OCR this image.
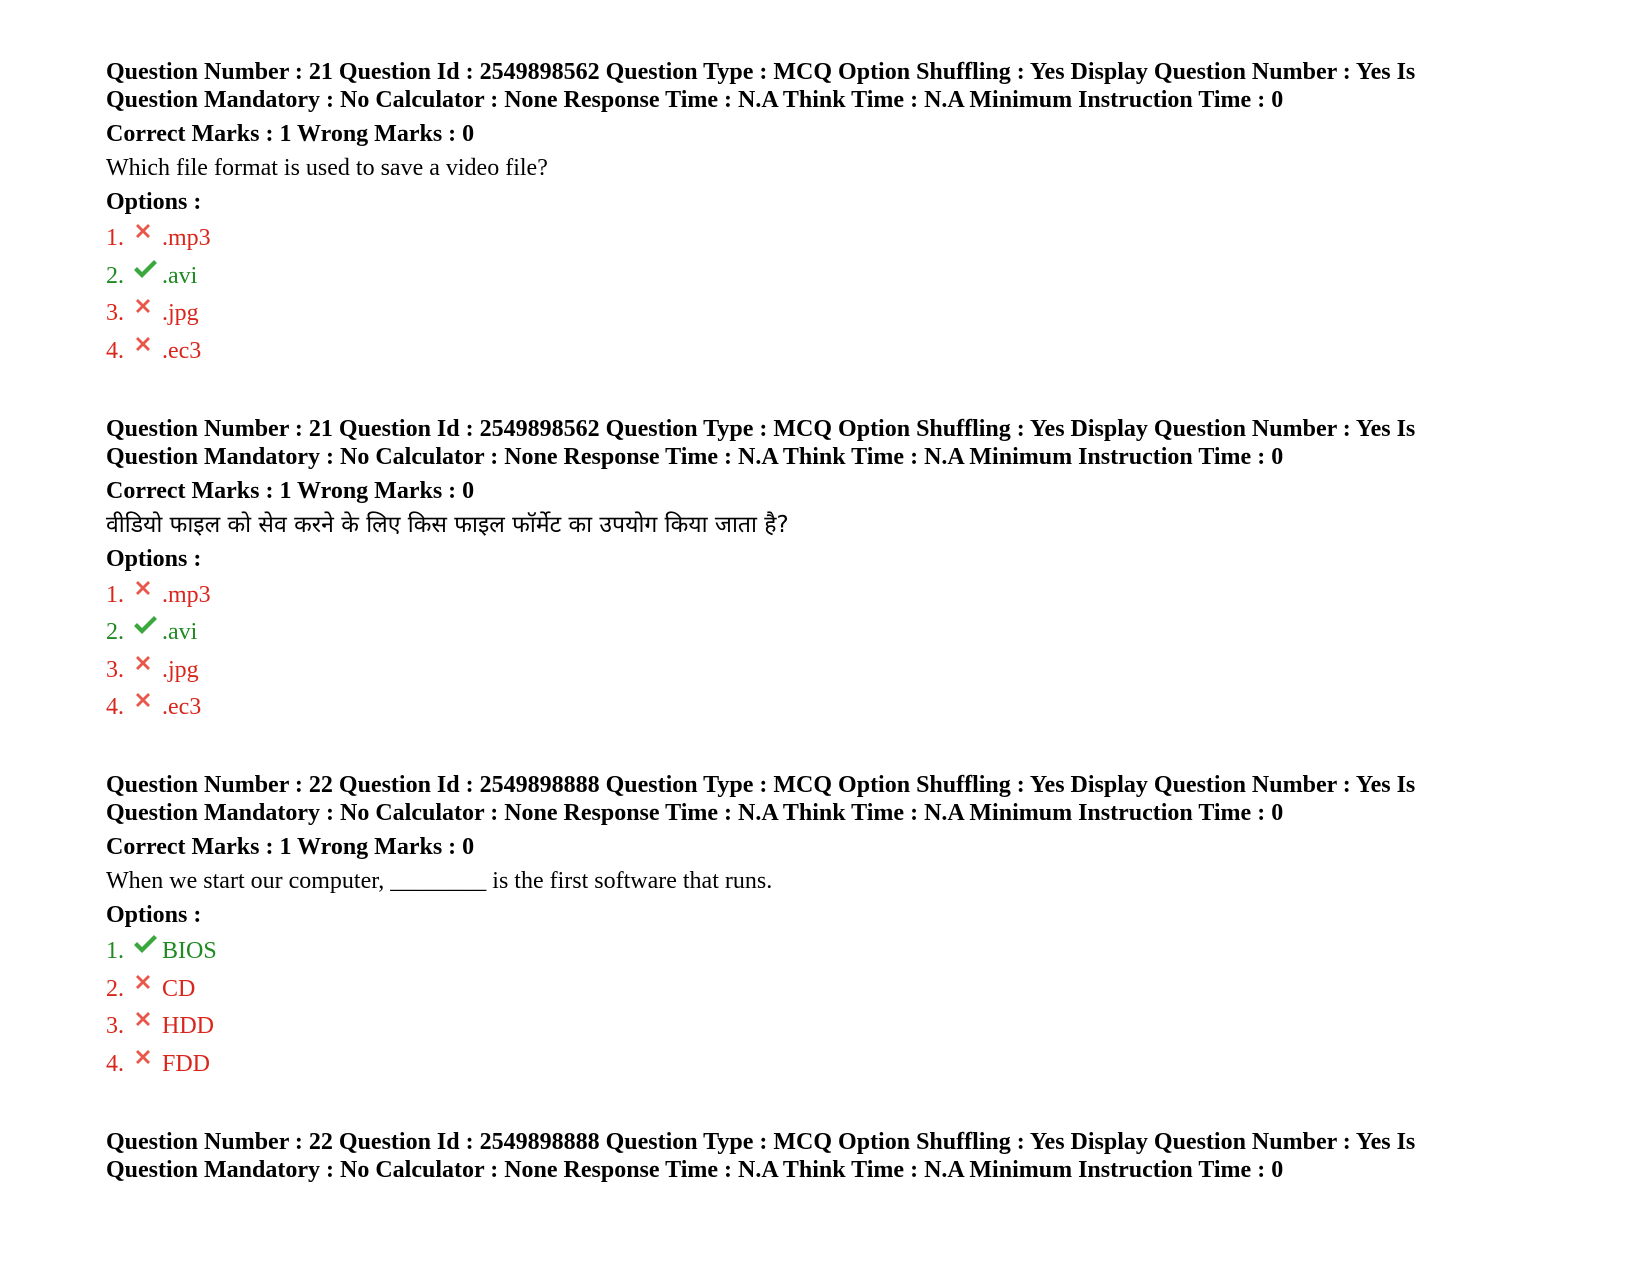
Question Number : 21 Question Id : 2549898562 Question Type : MCQ Option Shuffling : Yes Display Question Number : Yes Is
Question Mandatory : No Calculator : None Response Time : N.A Think Time : N.A Minimum Instruction Time : 0

Correct Marks : 1 Wrong Marks : 0

Which file format is used to save a video file?

Options :

1.	.mp3
2.	.avi
3.	.jpg
4.	.ec3

Question Number : 21 Question Id : 2549898562 Question Type : MCQ Option Shuffling : Yes Display Question Number : Yes Is
Question Mandatory : No Calculator : None Response Time : N.A Think Time : N.A Minimum Instruction Time : 0

Correct Marks : 1 Wrong Marks : 0

वीडियो फाइल को सेव करने के लिए किस फाइल फॉर्मेट का उपयोग किया जाता है?

Options :

1.	.mp3
2.	.avi
3.	.jpg
4.	.ec3

Question Number : 22 Question Id : 2549898888 Question Type : MCQ Option Shuffling : Yes Display Question Number : Yes Is
Question Mandatory : No Calculator : None Response Time : N.A Think Time : N.A Minimum Instruction Time : 0

Correct Marks : 1 Wrong Marks : 0

When we start our computer, ________ is the first software that runs.

Options :

1.	BIOS
2.	CD
3.	HDD
4.	FDD

Question Number : 22 Question Id : 2549898888 Question Type : MCQ Option Shuffling : Yes Display Question Number : Yes Is
Question Mandatory : No Calculator : None Response Time : N.A Think Time : N.A Minimum Instruction Time : 0
